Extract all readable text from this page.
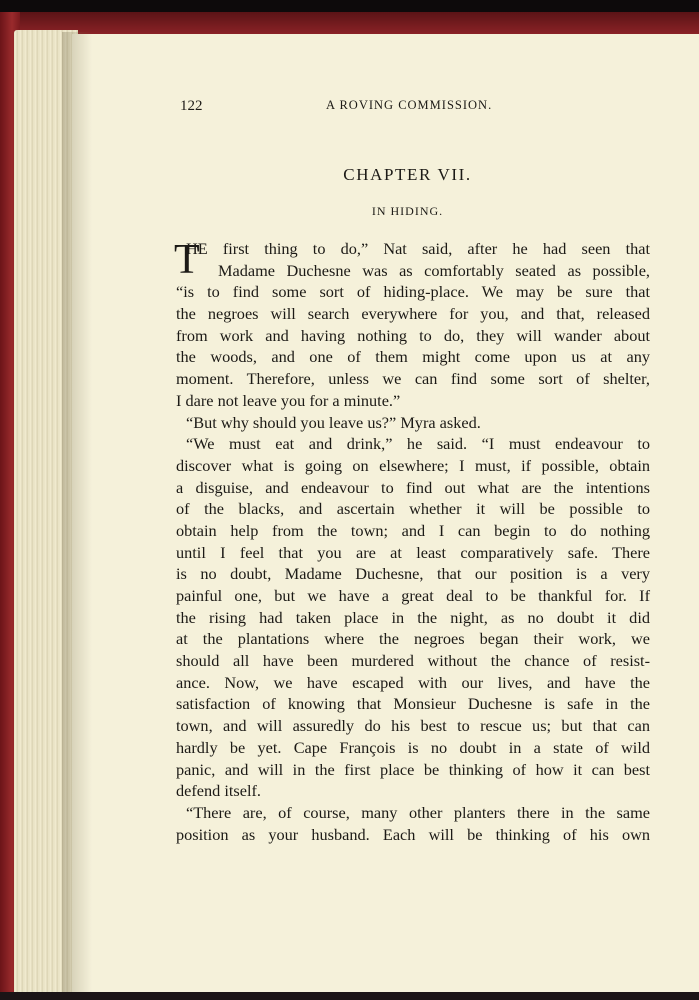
122	A ROVING COMMISSION.
CHAPTER VII.
IN HIDING.
T
HE first thing to do,” Nat said, after he had seen that
Madame Duchesne was as comfortably seated as possible,
“is to find some sort of hiding-place. We may be sure that
the negroes will search everywhere for you, and that, released
from work and having nothing to do, they will wander about
the woods, and one of them might come upon us at any
moment. Therefore, unless we can find some sort of shelter,
I dare not leave you for a minute.”
“But why should you leave us?” Myra asked.
“We must eat and drink,” he said. “I must endeavour to
discover what is going on elsewhere; I must, if possible, obtain
a disguise, and endeavour to find out what are the intentions
of the blacks, and ascertain whether it will be possible to
obtain help from the town; and I can begin to do nothing
until I feel that you are at least comparatively safe. There
is no doubt, Madame Duchesne, that our position is a very
painful one, but we have a great deal to be thankful for. If
the rising had taken place in the night, as no doubt it did
at the plantations where the negroes began their work, we
should all have been murdered without the chance of resist-
ance. Now, we have escaped with our lives, and have the
satisfaction of knowing that Monsieur Duchesne is safe in the
town, and will assuredly do his best to rescue us; but that can
hardly be yet. Cape François is no doubt in a state of wild
panic, and will in the first place be thinking of how it can best
defend itself.
“There are, of course, many other planters there in the same
position as your husband. Each will be thinking of his own
